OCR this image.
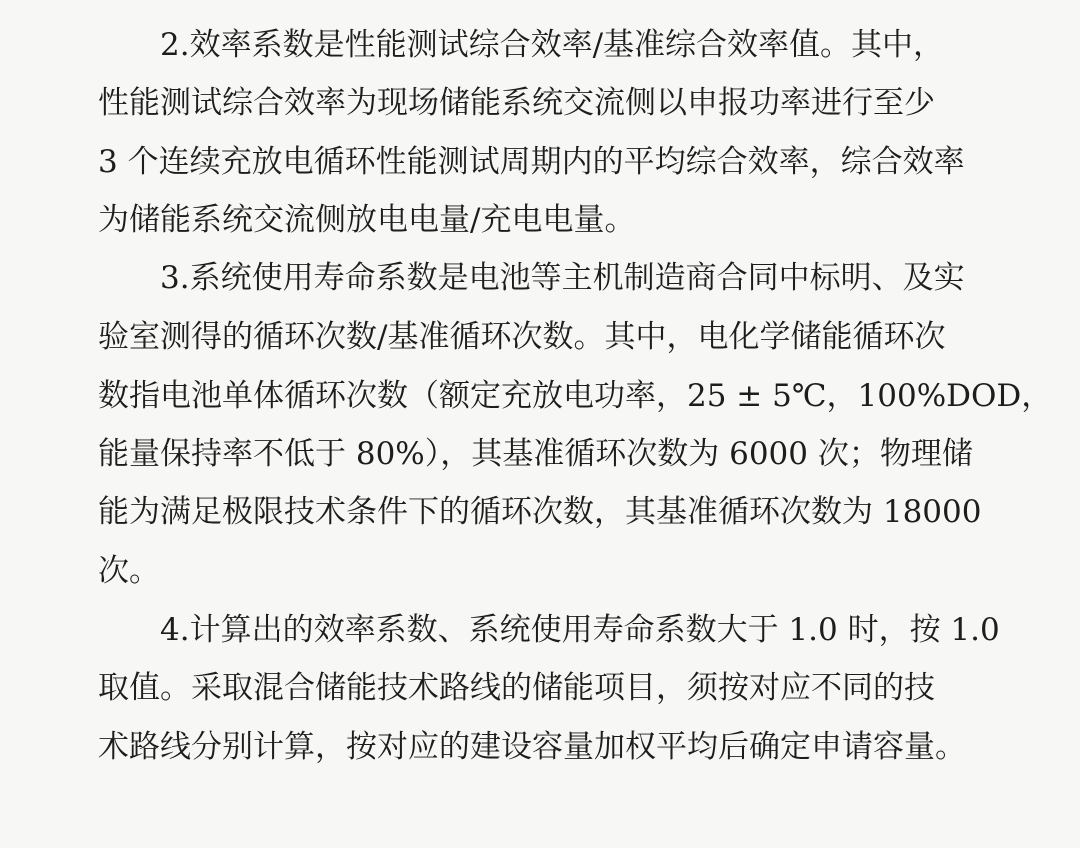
2.效率系数是性能测试综合效率/基准综合效率值。其中，
性能测试综合效率为现场储能系统交流侧以申报功率进行至少
3 个连续充放电循环性能测试周期内的平均综合效率，综合效率
为储能系统交流侧放电电量/充电电量。
3.系统使用寿命系数是电池等主机制造商合同中标明、及实
验室测得的循环次数/基准循环次数。其中，电化学储能循环次
数指电池单体循环次数（额定充放电功率，25 ± 5℃，100%DOD，
能量保持率不低于 80%），其基准循环次数为 6000 次；物理储
能为满足极限技术条件下的循环次数，其基准循环次数为 18000
次。
4.计算出的效率系数、系统使用寿命系数大于 1.0 时，按 1.0
取值。采取混合储能技术路线的储能项目，须按对应不同的技
术路线分别计算，按对应的建设容量加权平均后确定申请容量。
